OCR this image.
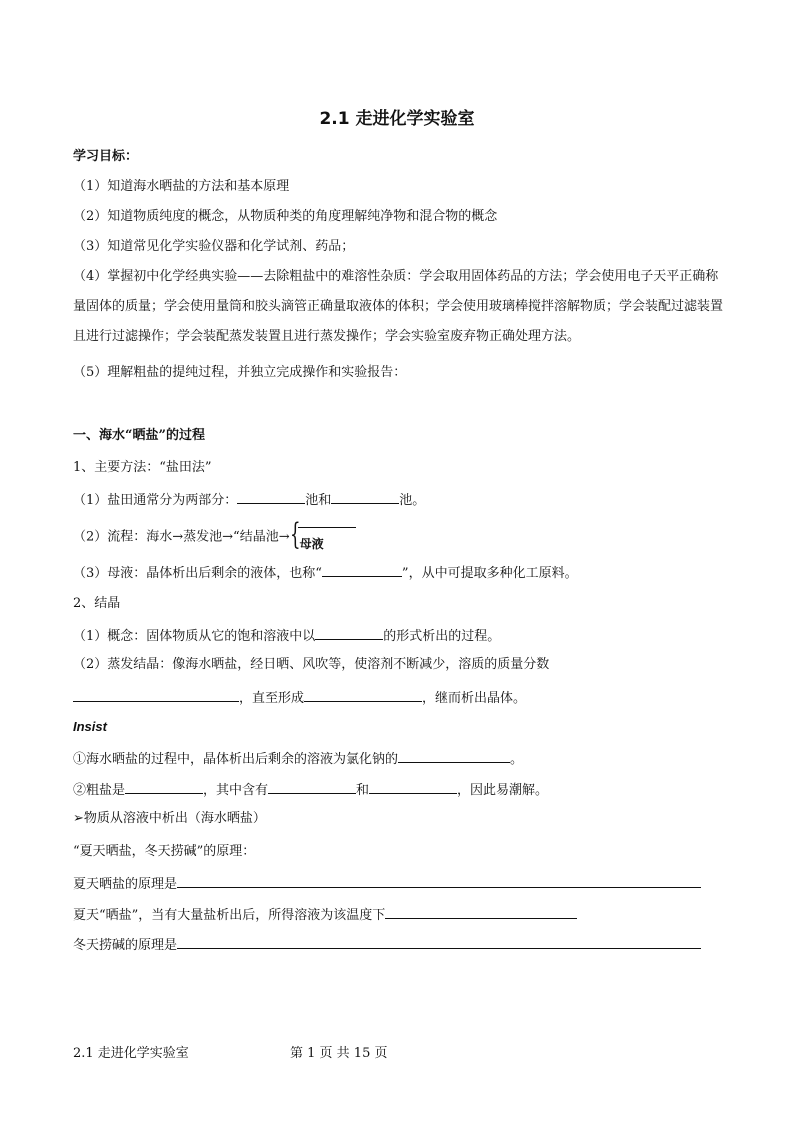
2.1 走进化学实验室
学习目标：
（1）知道海水晒盐的方法和基本原理
（2）知道物质纯度的概念，从物质种类的角度理解纯净物和混合物的概念
（3）知道常见化学实验仪器和化学试剂、药品；
（4）掌握初中化学经典实验——去除粗盐中的难溶性杂质：学会取用固体药品的方法；学会使用电子天平正确称量固体的质量；学会使用量筒和胶头滴管正确量取液体的体积；学会使用玻璃棒搅拌溶解物质；学会装配过滤装置且进行过滤操作；学会装配蒸发装置且进行蒸发操作；学会实验室废弃物正确处理方法。
（5）理解粗盐的提纯过程，并独立完成操作和实验报告：
一、海水“晒盐”的过程
1、主要方法：“盐田法”
（1）盐田通常分为两部分：	池和	池。
（2）流程：海水→蒸发池→“结晶池→ { 母液
（3）母液：晶体析出后剩余的液体，也称“	”，从中可提取多种化工原料。
2、结晶
（1）概念：固体物质从它的饱和溶液中以	的形式析出的过程。
（2）蒸发结晶：像海水晒盐，经日晒、风吹等，使溶剂不断减少，溶质的质量分数
，直至形成	，继而析出晶体。
Insist
①海水晒盐的过程中，晶体析出后剩余的溶液为氯化钠的	。
②粗盐是	，其中含有	和	，因此易潮解。
➢物质从溶液中析出（海水晒盐）
“夏天晒盐，冬天捞碱”的原理：
夏天晒盐的原理是
夏天“晒盐”，当有大量盐析出后，所得溶液为该温度下
冬天捞碱的原理是
2.1 走进化学实验室	第 1 页 共 15 页
